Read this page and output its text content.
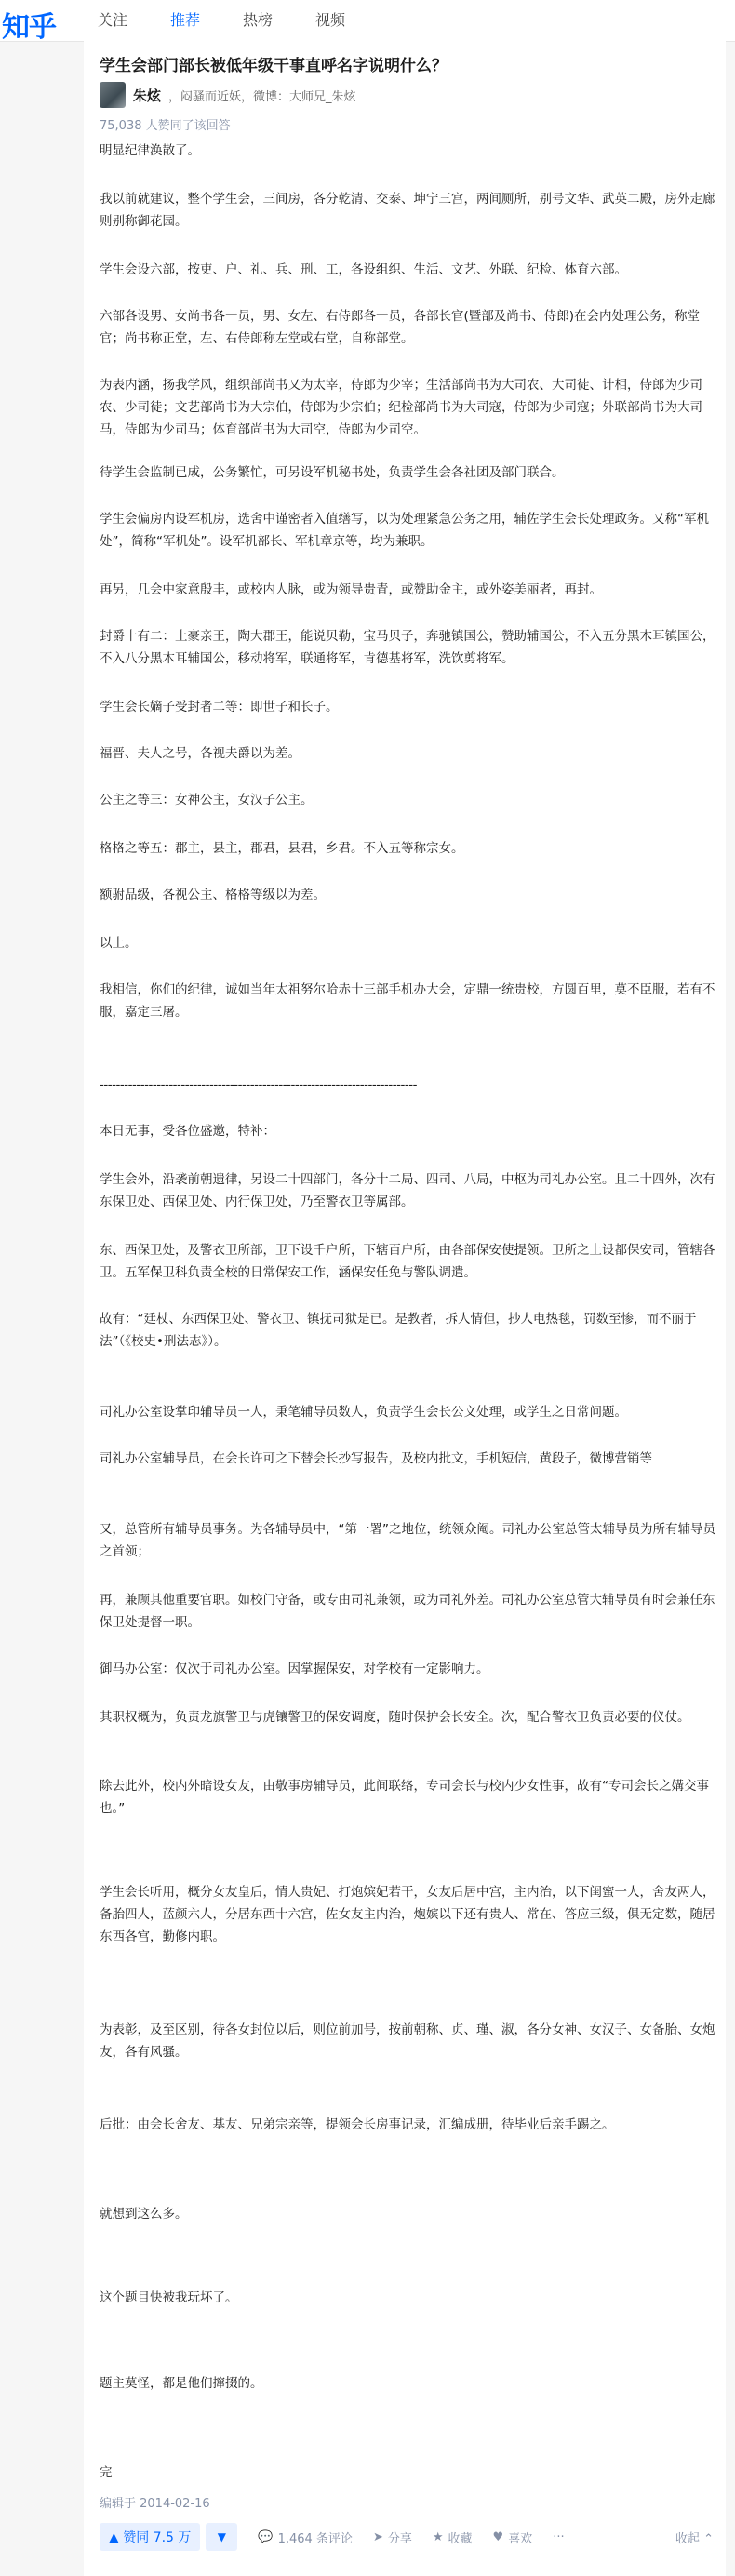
知乎	关注	推荐	热榜	视频
学生会部门部长被低年级干事直呼名字说明什么？
朱炫 ，闷骚而近妖，微博：大师兄_朱炫
75,038 人赞同了该回答

明显纪律涣散了。

我以前就建议，整个学生会，三间房，各分乾清、交泰、坤宁三宫，两间厕所，别号文华、武英二殿，房外走廊则别称御花园。

学生会设六部，按吏、户、礼、兵、刑、工，各设组织、生活、文艺、外联、纪检、体育六部。

六部各设男、女尚书各一员，男、女左、右侍郎各一员，各部长官(暨部及尚书、侍郎)在会内处理公务，称堂官；尚书称正堂，左、右侍郎称左堂或右堂，自称部堂。

为表内涵，扬我学风，组织部尚书又为太宰，侍郎为少宰；生活部尚书为大司农、大司徒、计相，侍郎为少司农、少司徒；文艺部尚书为大宗伯，侍郎为少宗伯；纪检部尚书为大司寇，侍郎为少司寇；外联部尚书为大司马，侍郎为少司马；体育部尚书为大司空，侍郎为少司空。

待学生会监制已成，公务繁忙，可另设军机秘书处，负责学生会各社团及部门联合。

学生会偏房内设军机房，选舍中谨密者入值缮写，以为处理紧急公务之用，辅佐学生会长处理政务。又称“军机处”，简称“军机处”。设军机部长、军机章京等，均为兼职。

再另，几会中家意殷丰，或校内人脉，或为领导贵青，或赞助金主，或外姿美丽者，再封。

封爵十有二：土豪亲王，陶大郡王，能说贝勒，宝马贝子，奔驰镇国公，赞助辅国公，不入五分黑木耳镇国公，不入八分黑木耳辅国公，移动将军，联通将军，肯德基将军，洗饮剪将军。

学生会长嫡子受封者二等：即世子和长子。

福晋、夫人之号，各视夫爵以为差。

公主之等三：女神公主，女汉子公主。

格格之等五：郡主，县主，郡君，县君，乡君。不入五等称宗女。

额驸品级，各视公主、格格等级以为差。

以上。

我相信，你们的纪律，诚如当年太祖努尔哈赤十三部手机办大会，定鼎一统贵校，方圆百里，莫不臣服，若有不服，嘉定三屠。

------------------------------------------------------------------------------

本日无事，受各位盛邀，特补：

学生会外，沿袭前朝遗律，另设二十四部门，各分十二局、四司、八局，中枢为司礼办公室。且二十四外，次有东保卫处、西保卫处、内行保卫处，乃至警衣卫等属部。

东、西保卫处，及警衣卫所部，卫下设千户所，下辖百户所，由各部保安使提领。卫所之上设都保安司，管辖各卫。五军保卫科负责全校的日常保安工作，涵保安任免与警队调遣。

故有：“廷杖、东西保卫处、警衣卫、镇抚司狱是已。是教者，拆人情但，抄人电热毯，罚数至惨，而不丽于法”（《校史•刑法志》）。

司礼办公室设掌印辅导员一人，秉笔辅导员数人，负责学生会长公文处理，或学生之日常问题。

司礼办公室辅导员，在会长许可之下替会长抄写报告，及校内批文，手机短信，黄段子，微博营销等

又，总管所有辅导员事务。为各辅导员中，“第一署”之地位，统领众阉。司礼办公室总管太辅导员为所有辅导员之首领；

再，兼顾其他重要官职。如校门守备，或专由司礼兼领，或为司礼外差。司礼办公室总管大辅导员有时会兼任东保卫处提督一职。

御马办公室：仅次于司礼办公室。因掌握保安，对学校有一定影响力。

其职权概为，负责龙旗警卫与虎镶警卫的保安调度，随时保护会长安全。次，配合警衣卫负责必要的仪仗。

除去此外，校内外暗设女友，由敬事房辅导员，此间联络，专司会长与校内少女性事，故有“专司会长之媾交事也。”

学生会长听用，概分女友皇后，情人贵妃、打炮嫔妃若干，女友后居中宫，主内治，以下闺蜜一人，舍友两人，备胎四人，蓝颜六人，分居东西十六宫，佐女友主内治，炮嫔以下还有贵人、常在、答应三级，俱无定数，随居东西各宫，勤修内职。

为表彰，及至区别，待各女封位以后，则位前加号，按前朝称、贞、瑾、淑，各分女神、女汉子、女备胎、女炮友，各有风骚。

后批：由会长舍友、基友、兄弟宗亲等，提领会长房事记录，汇编成册，待毕业后亲手踢之。

就想到这么多。

这个题目快被我玩坏了。

题主莫怪，都是他们撺掇的。

完

编辑于 2014-02-16
▲ 赞同 7.5 万	▼	💬 1,464 条评论 ➤ 分享 ★ 收藏 ♥ 喜欢 ···	收起 ⌃
